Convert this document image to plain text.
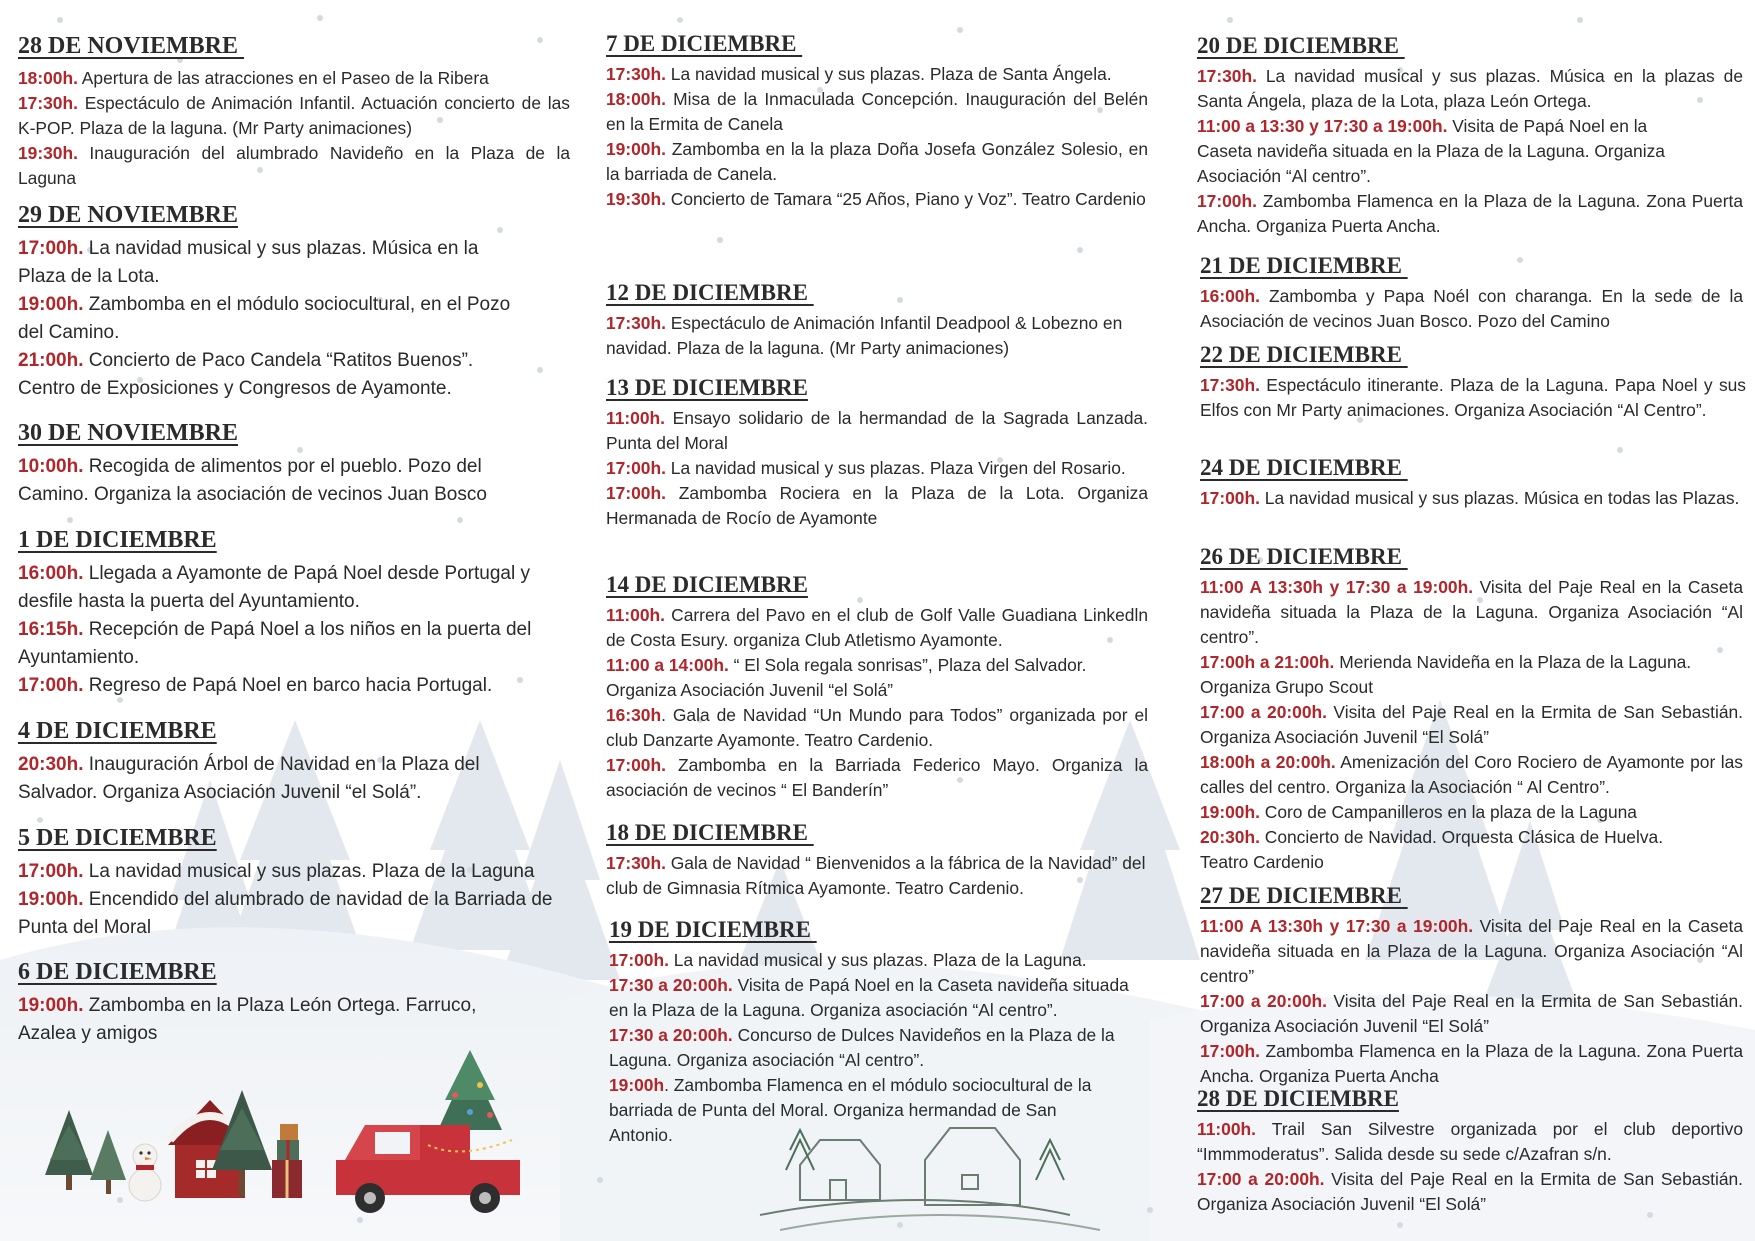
28 DE NOVIEMBRE

18:00h. Apertura de las atracciones en el Paseo de la Ribera

17:30h. Espectáculo de Animación Infantil. Actuación concierto de las K-POP. Plaza de la laguna. (Mr Party animaciones)

19:30h. Inauguración del alumbrado Navideño en la Plaza de la Laguna

29 DE NOVIEMBRE

17:00h. La navidad musical y sus plazas. Música en la Plaza de la Lota.

19:00h. Zambomba en el módulo sociocultural, en el Pozo del Camino.

21:00h. Concierto de Paco Candela “Ratitos Buenos”. Centro de Exposiciones y Congresos de Ayamonte.

30 DE NOVIEMBRE

10:00h. Recogida de alimentos por el pueblo. Pozo del Camino. Organiza la asociación de vecinos Juan Bosco

1 DE DICIEMBRE

16:00h. Llegada a Ayamonte de Papá Noel desde Portugal y desfile hasta la puerta del Ayuntamiento.

16:15h. Recepción de Papá Noel a los niños en la puerta del Ayuntamiento.

17:00h. Regreso de Papá Noel en barco hacia Portugal.

4 DE DICIEMBRE

20:30h. Inauguración Árbol de Navidad en la Plaza del Salvador. Organiza Asociación Juvenil “el Solá”.

5 DE DICIEMBRE

17:00h. La navidad musical y sus plazas. Plaza de la Laguna

19:00h. Encendido del alumbrado de navidad de la Barriada de Punta del Moral

6 DE DICIEMBRE

19:00h. Zambomba en la Plaza León Ortega. Farruco, Azalea y amigos

7 DE DICIEMBRE

17:30h. La navidad musical y sus plazas. Plaza de Santa Ángela.

18:00h. Misa de la Inmaculada Concepción. Inauguración del Belén en la Ermita de Canela

19:00h. Zambomba en la la plaza Doña Josefa González Solesio, en la barriada de Canela.

19:30h. Concierto de Tamara “25 Años, Piano y Voz”. Teatro Cardenio

12 DE DICIEMBRE

17:30h. Espectáculo de Animación Infantil Deadpool & Lobezno en navidad. Plaza de la laguna. (Mr Party animaciones)

13 DE DICIEMBRE

11:00h. Ensayo solidario de la hermandad de la Sagrada Lanzada. Punta del Moral

17:00h. La navidad musical y sus plazas. Plaza Virgen del Rosario.

17:00h. Zambomba Rociera en la Plaza de la Lota. Organiza Hermanada de Rocío de Ayamonte

14 DE DICIEMBRE

11:00h. Carrera del Pavo en el club de Golf Valle Guadiana Linkedln de Costa Esury. organiza Club Atletismo Ayamonte.

11:00 a 14:00h. “ El Sola regala sonrisas”, Plaza del Salvador. Organiza Asociación Juvenil “el Solá”

16:30h. Gala de Navidad “Un Mundo para Todos” organizada por el club Danzarte Ayamonte. Teatro Cardenio.

17:00h. Zambomba en la Barriada Federico Mayo. Organiza la asociación de vecinos “ El Banderín”

18 DE DICIEMBRE

17:30h. Gala de Navidad “ Bienvenidos a la fábrica de la Navidad” del club de Gimnasia Rítmica Ayamonte. Teatro Cardenio.

19 DE DICIEMBRE

17:00h. La navidad musical y sus plazas. Plaza de la Laguna.

17:30 a 20:00h. Visita de Papá Noel en la Caseta navideña situada en la Plaza de la Laguna. Organiza asociación “Al centro”.

17:30 a 20:00h. Concurso de Dulces Navideños en la Plaza de la Laguna. Organiza asociación “Al centro”.

19:00h. Zambomba Flamenca en el módulo sociocultural de la barriada de Punta del Moral. Organiza hermandad de San Antonio.

20 DE DICIEMBRE

17:30h. La navidad musical y sus plazas. Música en la plazas de Santa Ángela, plaza de la Lota, plaza León Ortega.

11:00 a 13:30 y 17:30 a 19:00h. Visita de Papá Noel en la Caseta navideña situada en la Plaza de la Laguna. Organiza Asociación “Al centro”.

17:00h. Zambomba Flamenca en la Plaza de la Laguna. Zona Puerta Ancha. Organiza Puerta Ancha.

21 DE DICIEMBRE

16:00h. Zambomba y Papa Noél con charanga. En la sede de la Asociación de vecinos Juan Bosco. Pozo del Camino

22 DE DICIEMBRE

17:30h. Espectáculo itinerante. Plaza de la Laguna. Papa Noel y sus Elfos con Mr Party animaciones. Organiza Asociación “Al Centro”.

24 DE DICIEMBRE

17:00h. La navidad musical y sus plazas. Música en todas las Plazas.

26 DE DICIEMBRE

11:00 A 13:30h y 17:30 a 19:00h. Visita del Paje Real en la Caseta navideña situada la Plaza de la Laguna. Organiza Asociación “Al centro”.

17:00h a 21:00h. Merienda Navideña en la Plaza de la Laguna. Organiza Grupo Scout

17:00 a 20:00h. Visita del Paje Real en la Ermita de San Sebastián. Organiza Asociación Juvenil “El Solá”

18:00h a 20:00h. Amenización del Coro Rociero de Ayamonte por las calles del centro. Organiza la Asociación “ Al Centro”.

19:00h. Coro de Campanilleros en la plaza de la Laguna

20:30h. Concierto de Navidad. Orquesta Clásica de Huelva. Teatro Cardenio

27 DE DICIEMBRE

11:00 A 13:30h y 17:30 a 19:00h. Visita del Paje Real en la Caseta navideña situada en la Plaza de la Laguna. Organiza Asociación “Al centro”

17:00 a 20:00h. Visita del Paje Real en la Ermita de San Sebastián. Organiza Asociación Juvenil “El Solá”

17:00h. Zambomba Flamenca en la Plaza de la Laguna. Zona Puerta Ancha. Organiza Puerta Ancha

28 DE DICIEMBRE

11:00h. Trail San Silvestre organizada por el club deportivo “Immmoderatus”. Salida desde su sede c/Azafran s/n.

17:00 a 20:00h. Visita del Paje Real en la Ermita de San Sebastián. Organiza Asociación Juvenil “El Solá”
